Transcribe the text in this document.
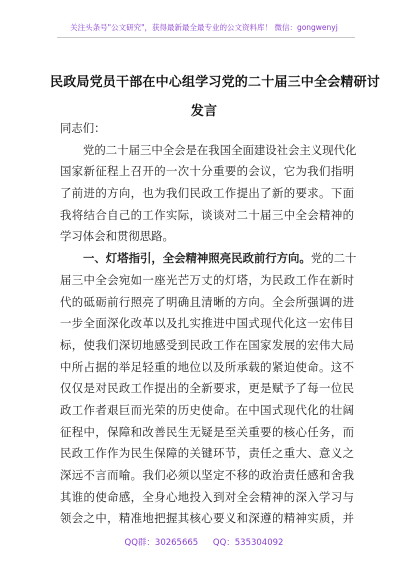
关注头条号"公文研究"，获得最新最全最专业的公文资料库！ 微信：gongwenyj
民政局党员干部在中心组学习党的二十届三中全会精研讨
发言
同志们：
党的二十届三中全会是在我国全面建设社会主义现代化
国家新征程上召开的一次十分重要的会议，它为我们指明
了前进的方向，也为我们民政工作提出了新的要求。下面
我将结合自己的工作实际，谈谈对二十届三中全会精神的
学习体会和贯彻思路。
一、灯塔指引，全会精神照亮民政前行方向。党的二十
届三中全会宛如一座光芒万丈的灯塔，为民政工作在新时
代的砥砺前行照亮了明确且清晰的方向。全会所强调的进
一步全面深化改革以及扎实推进中国式现代化这一宏伟目
标，使我们深切地感受到民政工作在国家发展的宏伟大局
中所占据的举足轻重的地位以及所承载的紧迫使命。这不
仅仅是对民政工作提出的全新要求，更是赋予了每一位民
政工作者艰巨而光荣的历史使命。在中国式现代化的壮阔
征程中，保障和改善民生无疑是至关重要的核心任务，而
民政工作作为民生保障的关键环节，责任之重大、意义之
深远不言而喻。我们必须以坚定不移的政治责任感和舍我
其谁的使命感，全身心地投入到对全会精神的深入学习与
领会之中，精准地把握其核心要义和深遵的精神实质，并
QQ群：30265665 QQ：535304092
